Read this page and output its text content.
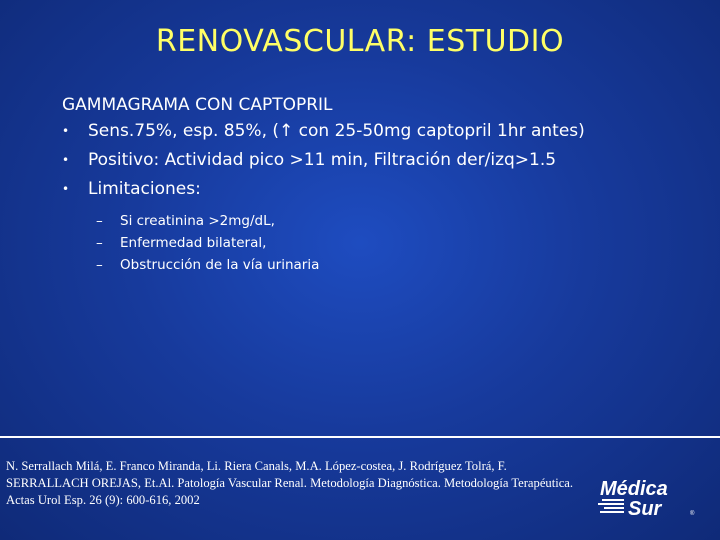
RENOVASCULAR: ESTUDIO
GAMMAGRAMA CON CAPTOPRIL
•	Sens.75%, esp. 85%, (↑ con 25-50mg captopril 1hr antes)
•	Positivo: Actividad pico >11 min, Filtración der/izq>1.5
•	Limitaciones:
–	Si creatinina >2mg/dL,
–	Enfermedad bilateral,
–	Obstrucción de la vía urinaria
N. Serrallach Milá, E. Franco Miranda, Li. Riera Canals, M.A. López-costea, J. Rodríguez Tolrá, F. SERRALLACH OREJAS, Et.Al. Patología Vascular Renal. Metodología Diagnóstica. Metodología Terapéutica. Actas Urol Esp. 26 (9): 600-616, 2002	Médica
Sur	®
